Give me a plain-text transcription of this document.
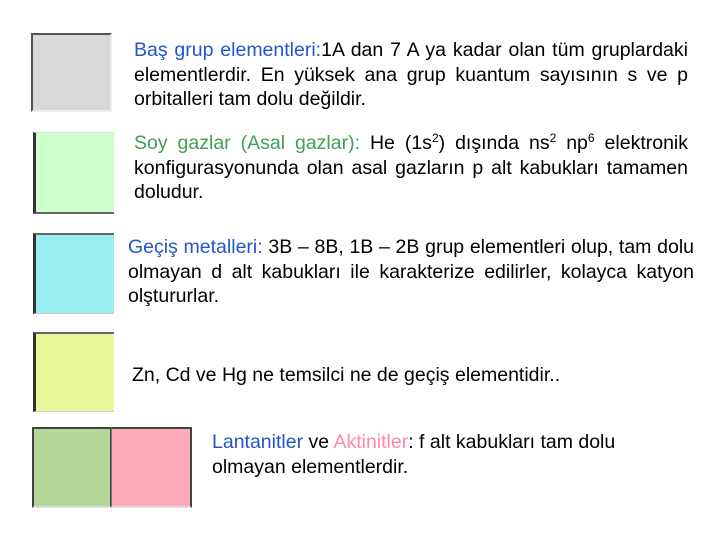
Baş grup elementleri:1A dan 7 A ya kadar olan tüm gruplardaki elementlerdir. En yüksek ana grup kuantum sayısının s ve p orbitalleri tam dolu değildir.
Soy gazlar (Asal gazlar): He $(1s^2)$ dışında $ns^2$ $np^6$ elektronik konfigurasyonunda olan asal gazların p alt kabukları tamamen doludur.
Geçiş metalleri: 3B – 8B, 1B – 2B grup elementleri olup, tam dolu olmayan d alt kabukları ile karakterize edilirler, kolayca katyon olştururlar.
Zn, Cd ve Hg ne temsilci ne de geçiş elementidir..
Lantanitler ve Aktinitler: f alt kabukları tam dolu olmayan elementlerdir.
